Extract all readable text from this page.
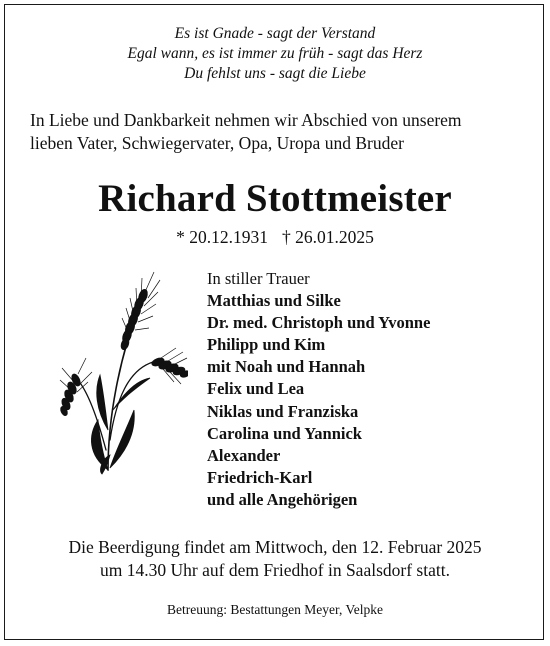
Es ist Gnade - sagt der Verstand
Egal wann, es ist immer zu früh - sagt das Herz
Du fehlst uns - sagt die Liebe
In Liebe und Dankbarkeit nehmen wir Abschied von unserem
lieben Vater, Schwiegervater, Opa, Uropa und Bruder
Richard Stottmeister
* 20.12.1931 † 26.01.2025
In stiller Trauer
Matthias und Silke
Dr. med. Christoph und Yvonne
Philipp und Kim
mit Noah und Hannah
Felix und Lea
Niklas und Franziska
Carolina und Yannick
Alexander
Friedrich-Karl
und alle Angehörigen
Die Beerdigung findet am Mittwoch, den 12. Februar 2025
um 14.30 Uhr auf dem Friedhof in Saalsdorf statt.
Betreuung: Bestattungen Meyer, Velpke
